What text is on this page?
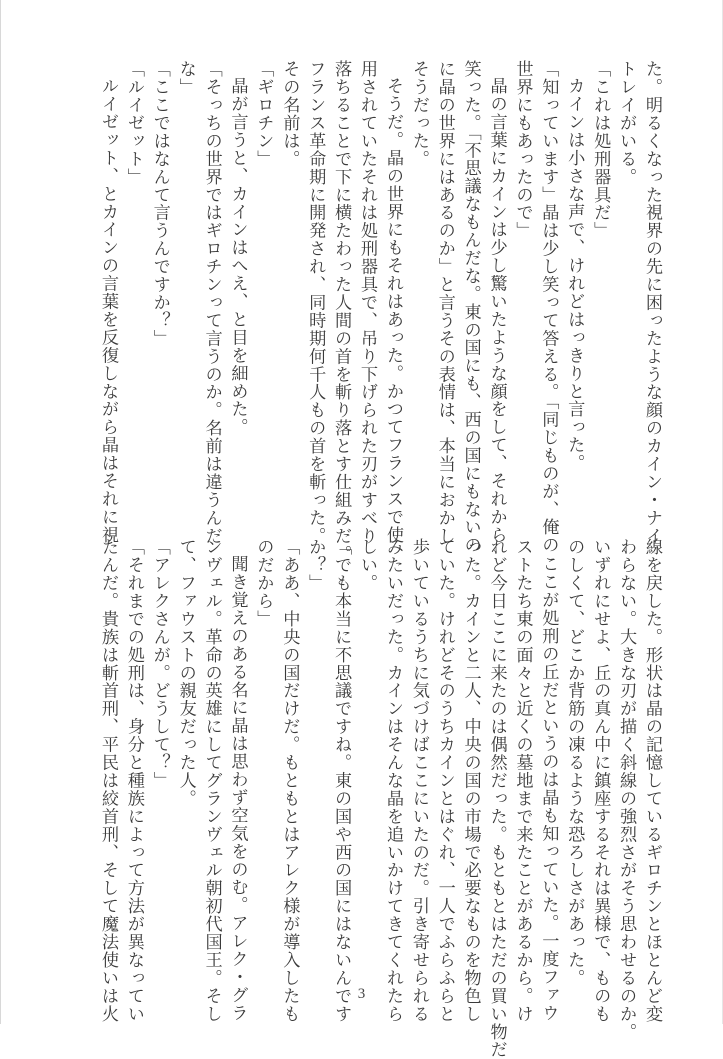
た。明るくなった視界の先に困ったような顔のカイン・ナイ
トレイがいる。
「これは処刑器具だ」
カインは小さな声で、けれどはっきりと言った。
「知っています」晶は少し笑って答える。「同じものが、俺の
世界にもあったので」
晶の言葉にカインは少し驚いたような顔をして、それから
笑った。「不思議なもんだな。東の国にも、西の国にもないの
に晶の世界にはあるのか」と言うその表情は、本当におかし
そうだった。
そうだ。晶の世界にもそれはあった。かつてフランスで使
用されていたそれは処刑器具で、吊り下げられた刃がすべり
落ちることで下に横たわった人間の首を斬り落とす仕組みだ。
フランス革命期に開発され、同時期何千人もの首を斬った。
その名前は。
「ギロチン」
晶が言うと、カインはへえ、と目を細めた。
「そっちの世界ではギロチンって言うのか。名前は違うんだ
な」
「ここではなんて言うんですか？」
「ルイゼット」
ルイゼット、とカインの言葉を反復しながら晶はそれに視
線を戻した。形状は晶の記憶しているギロチンとほとんど変
わらない。大きな刃が描く斜線の強烈さがそう思わせるのか。
いずれにせよ、丘の真ん中に鎮座するそれは異様で、ものも
のしくて、どこか背筋の凍るような恐ろしさがあった。
ここが処刑の丘だというのは晶も知っていた。一度ファウ
ストたち東の面々と近くの墓地まで来たことがあるから。け
れど今日ここに来たのは偶然だった。もともとはただの買い物だ
った。カインと二人、中央の国の市場で必要なものを物色し
ていた。けれどそのうちカインとはぐれ、一人でふらふらと
歩いているうちに気づけばここにいたのだ。引き寄せられる
みたいだった。カインはそんな晶を追いかけてきてくれたら
しい。
「でも本当に不思議ですね。東の国や西の国にはないんです
か？」
「ああ、中央の国だけだ。もともとはアレク様が導入したも
のだから」
聞き覚えのある名に晶は思わず空気をのむ。アレク・グラ
ンヴェル。革命の英雄にしてグランヴェル朝初代国王。そし
て、ファウストの親友だった人。
「アレクさんが。どうして？」
「それまでの処刑は、身分と種族によって方法が異なってい
たんだ。貴族は斬首刑、平民は絞首刑、そして魔法使いは火	3
